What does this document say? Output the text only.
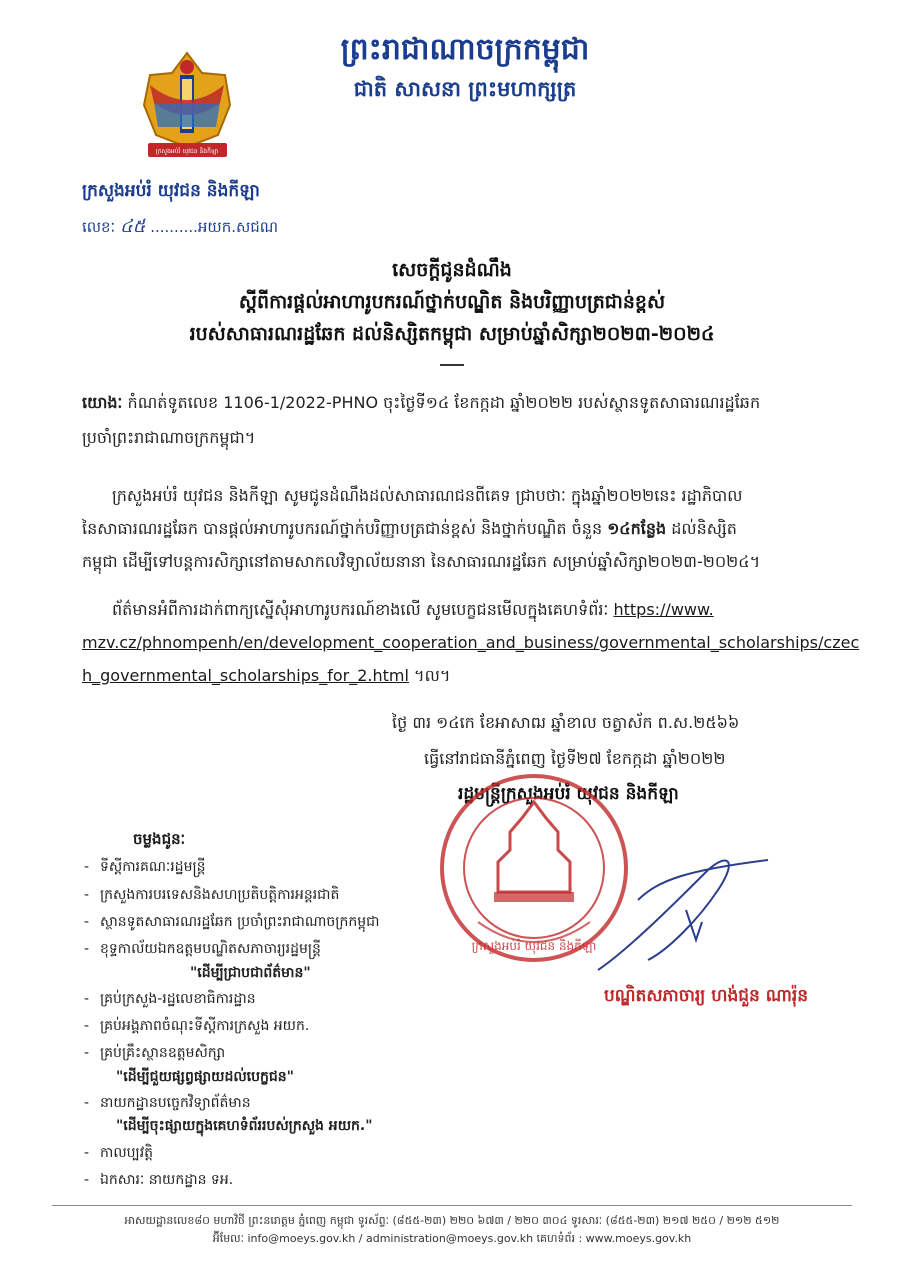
ព្រះរាជាណាចក្រកម្ពុជា
ជាតិ សាសនា ព្រះមហាក្សត្រ
ក្រសួងអប់រំ យុវជន និងកីឡា
ក្រសួងអប់រំ យុវជន និងកីឡា
លេខៈ ៤៥ ..........អយក.សជណ
សេចក្តីជូនដំណឹង
ស្តីពីការផ្តល់អាហារូបករណ៍ថ្នាក់បណ្ឌិត និងបរិញ្ញាបត្រជាន់ខ្ពស់
របស់សាធារណរដ្ឋឆែក ដល់និស្សិតកម្ពុជា សម្រាប់ឆ្នាំសិក្សា២០២៣-២០២៤
យោងៈ កំណត់ទូតលេខ 1106-1/2022-PHNO ចុះថ្ងៃទី១៤ ខែកក្កដា ឆ្នាំ២០២២ របស់ស្ថានទូតសាធារណរដ្ឋឆែក
ប្រចាំព្រះរាជាណាចក្រកម្ពុជា។
ក្រសួងអប់រំ យុវជន និងកីឡា សូមជូនដំណឹងដល់សាធារណជនពីគេទ ជ្រាបថាៈ ក្នុងឆ្នាំ២០២២នេះ រដ្ឋាភិបាល
នៃសាធារណរដ្ឋឆែក បានផ្តល់អាហារូបករណ៍ថ្នាក់បរិញ្ញាបត្រជាន់ខ្ពស់ និងថ្នាក់បណ្ឌិត ចំនួន ១៤កន្លែង ដល់និស្សិត
កម្ពុជា ដើម្បីទៅបន្តការសិក្សានៅតាមសាកលវិទ្យាល័យនានា នៃសាធារណរដ្ឋឆែក សម្រាប់ឆ្នាំសិក្សា២០២៣-២០២៤។
ព័ត៌មានអំពីការដាក់ពាក្យស្នើសុំអាហារូបករណ៍ខាងលើ សូមបេក្ខជនមើលក្នុងគេហទំព័រៈ https://www.
mzv.cz/phnompenh/en/development_cooperation_and_business/governmental_scholarships/czec
h_governmental_scholarships_for_2.html ។ល។
ថ្ងៃ ៣រ ១៤កេ ខែអាសាឍ ឆ្នាំខាល ចត្វាស័ក ព.ស.២៥៦៦
ធ្វើនៅរាជធានីភ្នំពេញ ថ្ងៃទី២៧ ខែកក្កដា ឆ្នាំ២០២២
រដ្ឋមន្ត្រីក្រសួងអប់រំ យុវជន និងកីឡា
ក្រសួងអប់រំ យុវជន និងកីឡា
បណ្ឌិតសភាចារ្យ ហង់ជួន ណារ៉ុន
ចម្លងជូនៈ
- ទីស្តីការគណៈរដ្ឋមន្ត្រី
- ក្រសួងការបរទេសនិងសហប្រតិបត្តិការអន្តរជាតិ
- ស្ថានទូតសាធារណរដ្ឋឆែក ប្រចាំព្រះរាជាណាចក្រកម្ពុជា
- ខុទ្ទកាល័យឯកឧត្តមបណ្ឌិតសភាចារ្យរដ្ឋមន្ត្រី
"ដើម្បីជ្រាបជាព័ត៌មាន"
- គ្រប់ក្រសួង-រដ្ឋលេខាធិការដ្ឋាន
- គ្រប់អង្គភាពចំណុះទីស្តីការក្រសួង អយក.
- គ្រប់គ្រឹះស្ថានឧត្តមសិក្សា
"ដើម្បីជួយផ្សព្វផ្សាយដល់បេក្ខជន"
- នាយកដ្ឋានបច្ចេកវិទ្យាព័ត៌មាន
"ដើម្បីចុះផ្សាយក្នុងគេហទំព័ររបស់ក្រសួង អយក."
- កាលប្បវត្តិ
- ឯកសារៈ នាយកដ្ឋាន ទអ.
អាសយដ្ឋានលេខ៨០ មហាវិថី ព្រះនរោត្តម ភ្នំពេញ កម្ពុជា ទូរស័ព្ទៈ (៨៥៥-២៣) ២២០ ៦៧៣ / ២២០ ៣០៤ ទូរសារៈ (៨៥៥-២៣) ២១៧ ២៥០ / ២១២ ៥១២
អ៊ីមែលៈ info@moeys.gov.kh / administration@moeys.gov.kh គេហទំព័រ : www.moeys.gov.kh
